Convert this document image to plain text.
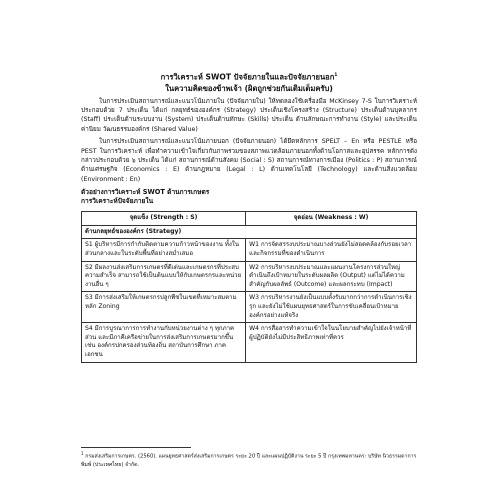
การวิเคราะห์ SWOT ปัจจัยภายในและปัจจัยภายนอก$^1$
ในความคิดของข้าพเจ้า (ผิดถูกช่วยกันเติมเต็มครับ)

ในการประเมินสถานการณ์และแนวโน้มภายใน (ปัจจัยภายใน) ให้ทดลองใช้เครื่องมือ McKinsey 7-S ในการวิเคราะห์ประกอบด้วย 7 ประเด็น ได้แก่ กลยุทธ์ขององค์กร (Strategy) ประเด็นเชิงโครงสร้าง (Structure) ประเด็นด้านบุคลากร (Staff) ประเด็นด้านระบบงาน (System) ประเด็นด้านทักษะ (Skills) ประเด็น ด้านลักษณะการทำงาน (Style) และประเด็นค่านิยม วัฒนธรรมองค์กร (Shared Value)

ในการประเมินสถานการณ์และแนวโน้มภายนอก (ปัจจัยภายนอก) ได้ยึดหลักการ SPELT – En หรือ PESTLE หรือ PEST ในการวิเคราะห์ เพื่อทำความเข้าใจเกี่ยวกับภาพรวมของสภาพแวดล้อมภายนอกทั้งด้านโอกาสและอุปสรรค หลักการดังกล่าวประกอบด้วย ๖ ประเด็น ได้แก่ สถานการณ์ด้านสังคม (Social : S) สถานการณ์ทางการเมือง (Politics : P) สถานการณ์ด้านเศรษฐกิจ (Economics : E) ด้านกฎหมาย (Legal : L) ด้านเทคโนโลยี (Technology) และด้านสิ่งแวดล้อม (Environment : En)

ตัวอย่างการวิเคราะห์ SWOT ด้านการเกษตร
การวิเคราะห์ปัจจัยภายใน

จุดแข็ง (Strength : S)	จุดอ่อน (Weakness : W)
ด้านกลยุทธ์ขององค์กร (Strategy)	
S1 ผู้บริหารมีการกำกับติดตามความก้าวหน้าของงาน ทั้งในส่วนกลางและในระดับพื้นที่อย่างสม่ำเสมอ	W1 การจัดสรรงบประมาณบางส่วนยังไม่สอดคล้องกับรอยเวลาและกิจกรรมที่ของดำเนินการ
S2 มีผลงานส่งเสริมการเกษตรที่ดีเด่นและเกษตรกรที่ประสบความสำเร็จ สามารถใช้เป็นต้นแบบให้กับเกษตรกรและหน่วยงานอื่น ๆ	W2 การบริหารงบประมาณและแผนงานโครงการส่วนใหญ่ดำเนินถึงเป้าหมายในระดับผลผลิต (Output) แต่ไม่ได้ความสำคัญกับผลลัพธ์ (Outcome) และผลกระทบ (Impact)
S3 มีการส่งเสริมให้เกษตรกรปลูกพืชในเขตที่เหมาะสมตามหลัก Zoning	W3 การบริหารงานยังเป็นแบบตั้งรับมากกว่าการดำเนินการเชิงรุก และยังไม่ใช้แผนยุทธศาสตร์ในการขับเคลื่อนเป้าหมายองค์กรอย่างแท้จริง
S4 มีการบูรณาการการทำงานกับหน่วยงานต่าง ๆ ทุกภาคส่วน และมีภาคีเครือข่ายในการส่งเสริมการเกษตรมากขึ้น เช่น องค์กรปกครองส่วนท้องถิ่น สถาบันการศึกษา ภาคเอกชน	W4 การสื่อสารทำความเข้าใจในนโยบายสำคัญไปยังเจ้าหน้าที่ผู้ปฏิบัติยังไม่มีประสิทธิภาพเท่าที่ควร
$^1$ กรมส่งเสริมการเกษตร. (2560). แผนยุทธศาสตร์ส่งเสริมการเกษตร ระยะ 20 ปี และแผนปฏิบัติงาน ระยะ 5 ปี กรุงเทพมหานคร: บริษัท นิวธรรมดาการพิมพ์ (ประเทศไทย) จำกัด.
